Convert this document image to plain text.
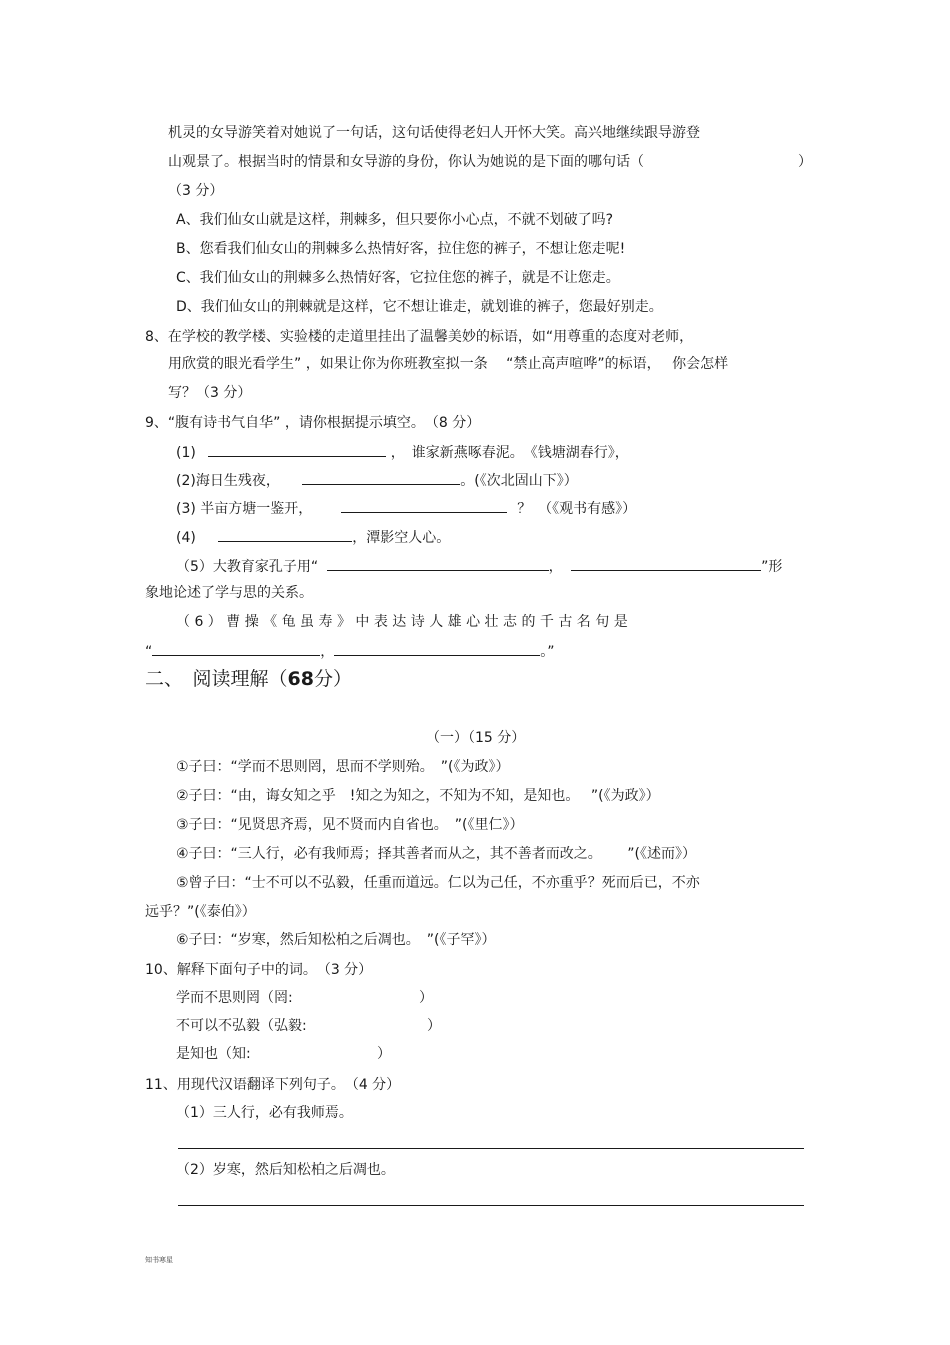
机灵的女导游笑着对她说了一句话，这句话使得老妇人开怀大笑。高兴地继续跟导游登
山观景了。根据当时的情景和女导游的身份，你认为她说的是下面的哪句话（	）
（3 分）
A、我们仙女山就是这样，荆棘多，但只要你小心点，不就不划破了吗?
B、您看我们仙女山的荆棘多么热情好客，拉住您的裤子，不想让您走呢!
C、我们仙女山的荆棘多么热情好客，它拉住您的裤子，就是不让您走。
D、我们仙女山的荆棘就是这样，它不想让谁走，就划谁的裤子，您最好别走。
8、在学校的教学楼、实验楼的走道里挂出了温馨美妙的标语，如“用尊重的态度对老师，
用欣赏的眼光看学生” ，如果让你为你班教室拟一条　 “禁止高声喧哗”的标语，　 你会怎样
写？（3 分）
9、“腹有诗书气自华” ，请你根据提示填空。　（8 分）
(1)	，　谁家新燕啄春泥。　《钱塘湖春行》，
(2)海日生残夜，	。(《次北固山下》）
(3) 半亩方塘一鉴开，	？　（《观书有感》）
(4)	，潭影空人心。
（5）大教育家孔子用“	，	”形
象地论述了学与思的关系。
（ 6 ） 曹 操 《 龟 虽 寿 》 中 表 达 诗 人 雄 心 壮 志 的 千 古 名 句 是
“	，	。”
二、　阅读理解（68分）
（一）（15 分）
①子曰：“学而不思则罔，思而不学则殆。　”(《为政》）
②子曰：“由，诲女知之乎　!知之为知之，不知为不知，是知也。　 ”(《为政》）
③子曰：“见贤思齐焉，见不贤而内自省也。　”(《里仁》）
④子曰：“三人行，必有我师焉；择其善者而从之，其不善者而改之。　　 ”(《述而》）
⑤曾子曰：“士不可以不弘毅，任重而道远。仁以为己任，不亦重乎？死而后已，不亦
远乎？”(《泰伯》）
⑥子曰：“岁寒，然后知松柏之后凋也。　”(《子罕》）
10、解释下面句子中的词。　（3 分）
学而不思则罔（罔:	）
不可以不弘毅（弘毅:	）
是知也（知:	）
11、用现代汉语翻译下列句子。　（4 分）
（1）三人行，必有我师焉。
（2）岁寒，然后知松柏之后凋也。
知书寒星
